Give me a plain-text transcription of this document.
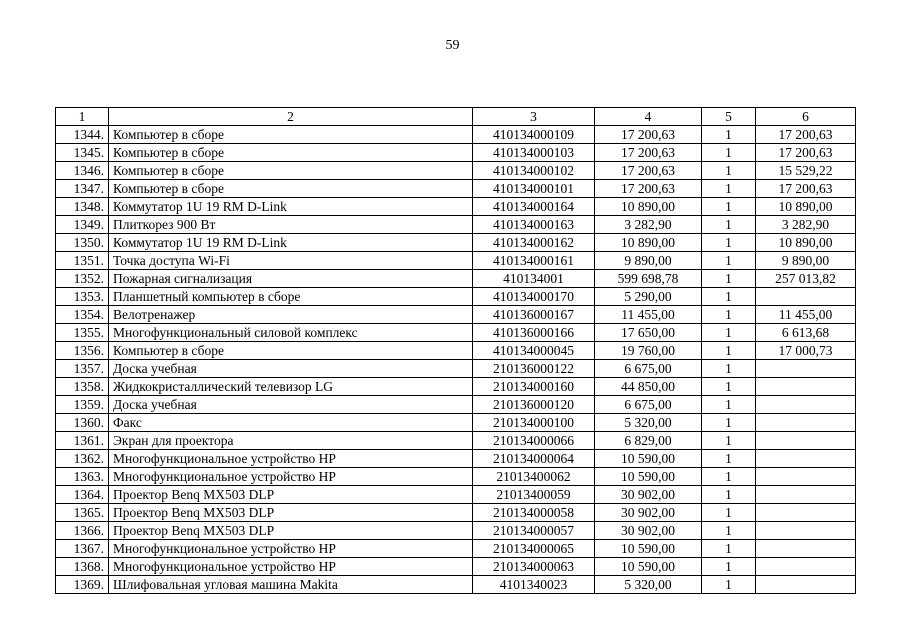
59
1	2	3	4	5	6
1344.	Компьютер в сборе	410134000109	17 200,63	1	17 200,63
1345.	Компьютер в сборе	410134000103	17 200,63	1	17 200,63
1346.	Компьютер в сборе	410134000102	17 200,63	1	15 529,22
1347.	Компьютер в сборе	410134000101	17 200,63	1	17 200,63
1348.	Коммутатор 1U 19 RM D-Link	410134000164	10 890,00	1	10 890,00
1349.	Плиткорез 900 Вт	410134000163	3 282,90	1	3 282,90
1350.	Коммутатор 1U 19 RM D-Link	410134000162	10 890,00	1	10 890,00
1351.	Точка доступа Wi-Fi	410134000161	9 890,00	1	9 890,00
1352.	Пожарная сигнализация	410134001	599 698,78	1	257 013,82
1353.	Планшетный компьютер в сборе	410134000170	5 290,00	1	
1354.	Велотренажер	410136000167	11 455,00	1	11 455,00
1355.	Многофункциональный силовой комплекс	410136000166	17 650,00	1	6 613,68
1356.	Компьютер в сборе	410134000045	19 760,00	1	17 000,73
1357.	Доска учебная	210136000122	6 675,00	1	
1358.	Жидкокристаллический телевизор LG	210134000160	44 850,00	1	
1359.	Доска учебная	210136000120	6 675,00	1	
1360.	Факс	210134000100	5 320,00	1	
1361.	Экран для проектора	210134000066	6 829,00	1	
1362.	Многофункциональное устройство HP	210134000064	10 590,00	1	
1363.	Многофункциональное устройство HP	21013400062	10 590,00	1	
1364.	Проектор Benq MX503 DLP	21013400059	30 902,00	1	
1365.	Проектор Benq MX503 DLP	210134000058	30 902,00	1	
1366.	Проектор Benq MX503 DLP	210134000057	30 902,00	1	
1367.	Многофункциональное устройство HP	210134000065	10 590,00	1	
1368.	Многофункциональное устройство HP	210134000063	10 590,00	1	
1369.	Шлифовальная угловая машина Makita	4101340023	5 320,00	1	
